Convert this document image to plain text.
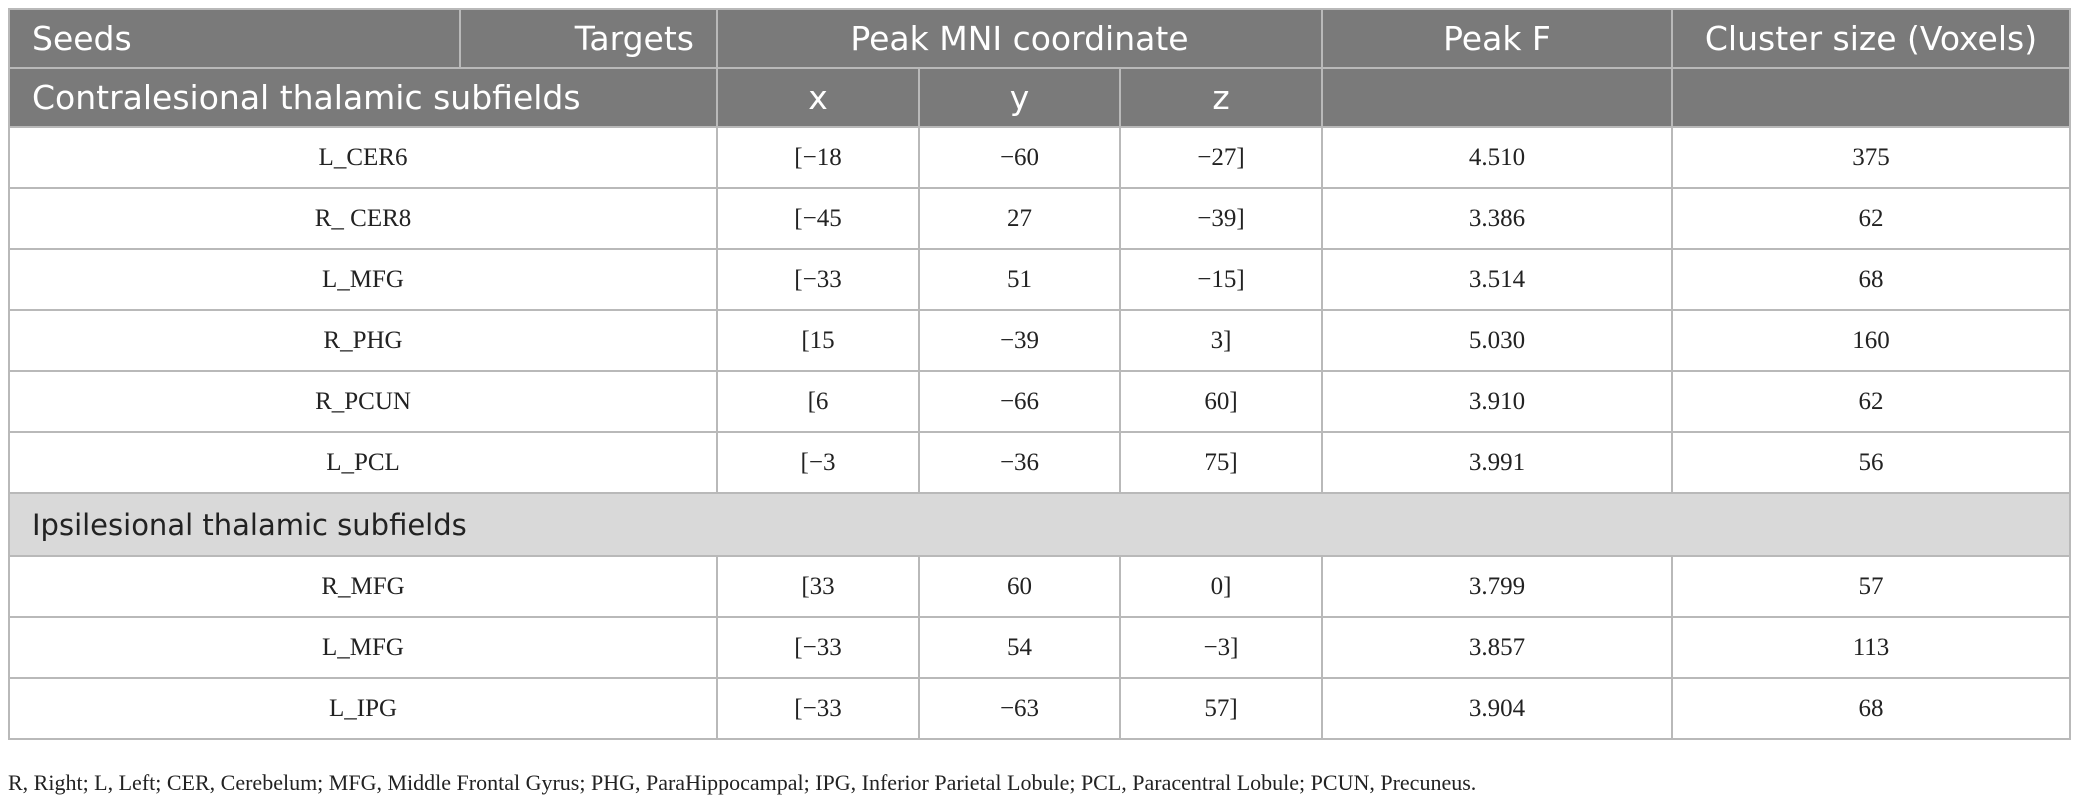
Seeds	Targets	Peak MNI coordinate			Peak F	Cluster size (Voxels)
Contralesional thalamic subfields		x	y	z		
L_CER6		[−18	−60	−27]	4.510	375
R_ CER8		[−45	27	−39]	3.386	62
L_MFG		[−33	51	−15]	3.514	68
R_PHG		[15	−39	3]	5.030	160
R_PCUN		[6	−66	60]	3.910	62
L_PCL		[−3	−36	75]	3.991	56
Ipsilesional thalamic subfields						
R_MFG		[33	60	0]	3.799	57
L_MFG		[−33	54	−3]	3.857	113
L_IPG		[−33	−63	57]	3.904	68
R, Right; L, Left; CER, Cerebelum; MFG, Middle Frontal Gyrus; PHG, ParaHippocampal; IPG, Inferior Parietal Lobule; PCL, Paracentral Lobule; PCUN, Precuneus.
